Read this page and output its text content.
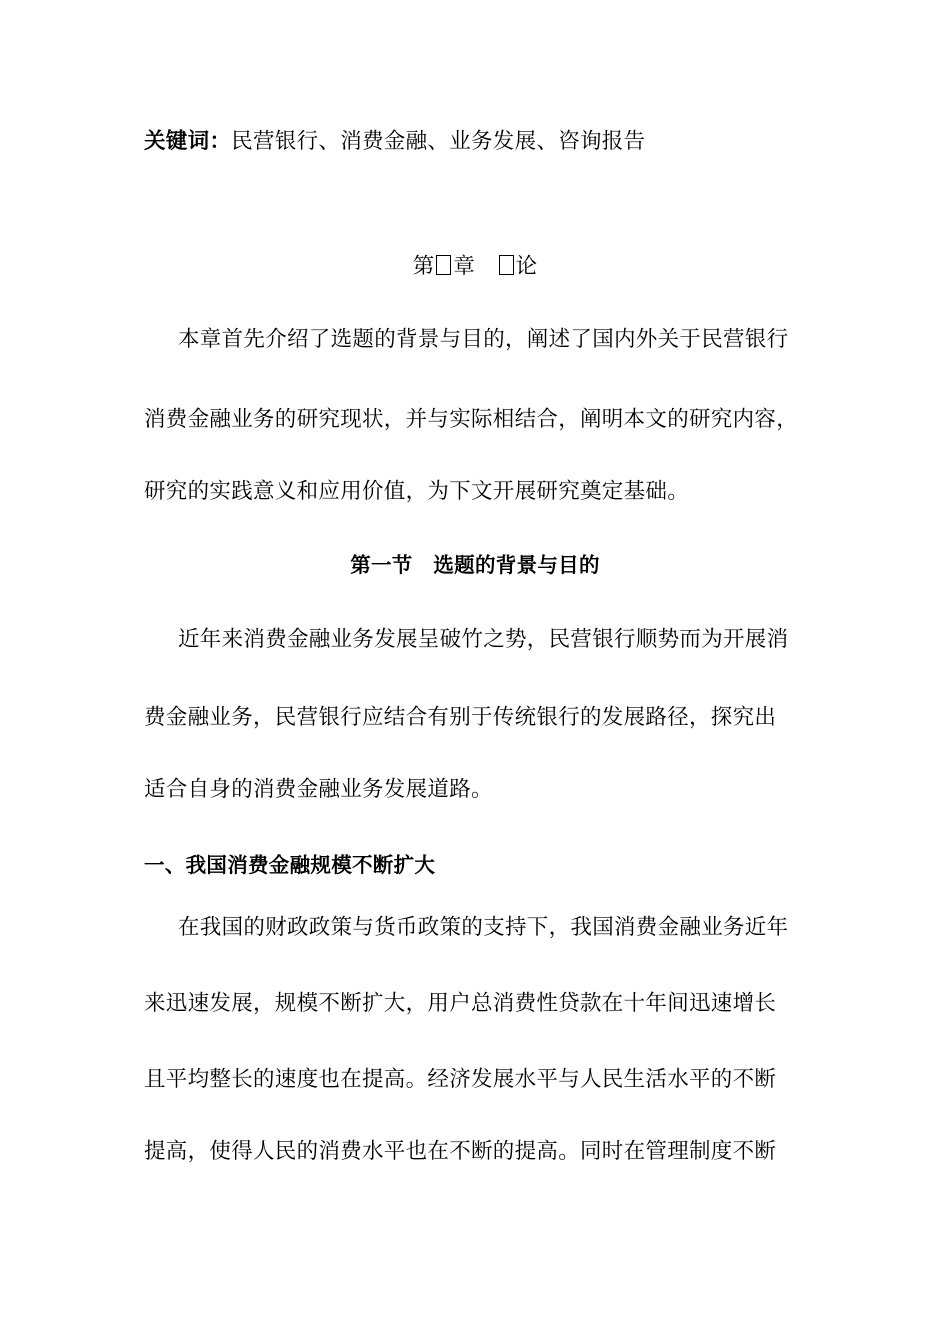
关键词：民营银行、消费金融、业务发展、咨询报告
第 章 论
本章首先介绍了选题的背景与目的，阐述了国内外关于民营银行
消费金融业务的研究现状，并与实际相结合，阐明本文的研究内容，
研究的实践意义和应用价值，为下文开展研究奠定基础。
第一节　选题的背景与目的
近年来消费金融业务发展呈破竹之势，民营银行顺势而为开展消
费金融业务，民营银行应结合有别于传统银行的发展路径，探究出
适合自身的消费金融业务发展道路。
一、我国消费金融规模不断扩大
在我国的财政政策与货币政策的支持下，我国消费金融业务近年
来迅速发展，规模不断扩大，用户总消费性贷款在十年间迅速增长
且平均整长的速度也在提高。经济发展水平与人民生活水平的不断
提高，使得人民的消费水平也在不断的提高。同时在管理制度不断
